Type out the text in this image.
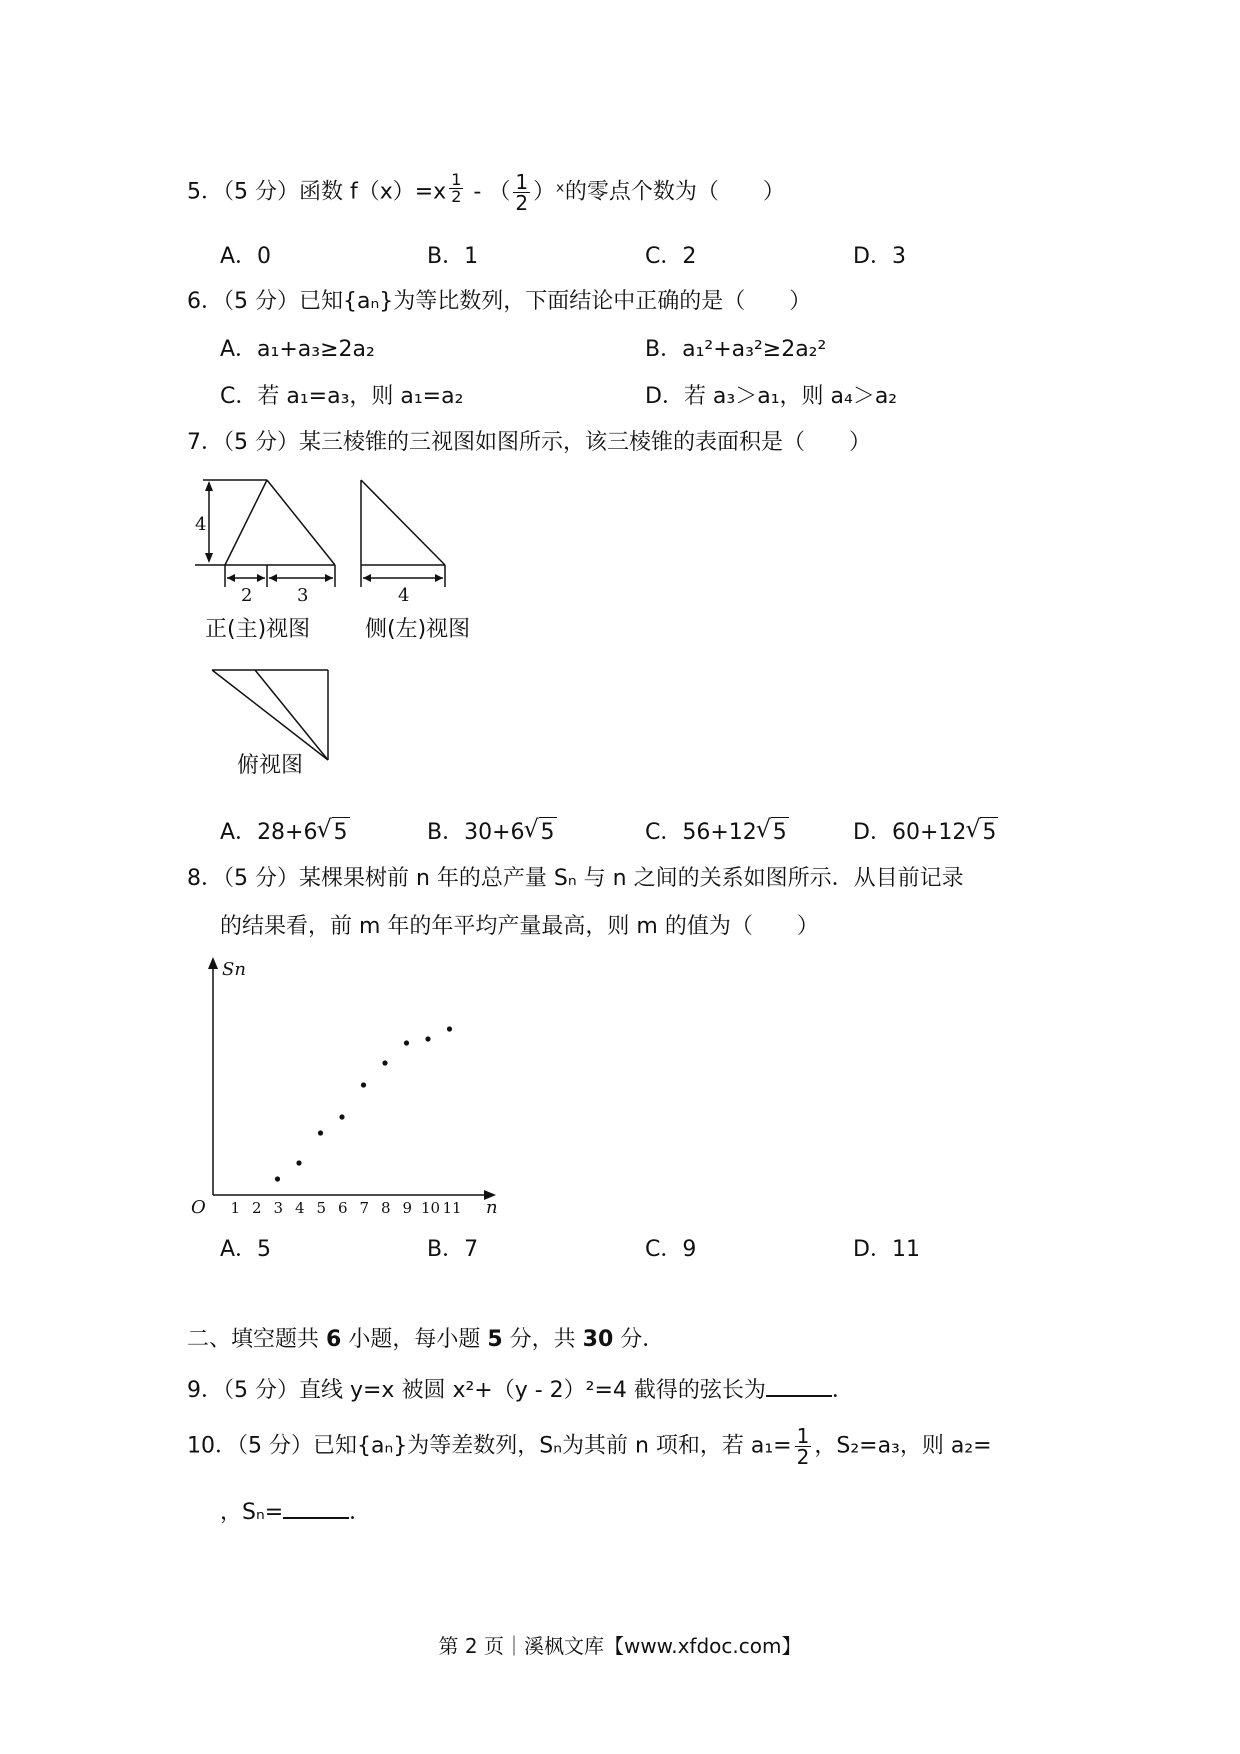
5．（5 分）函数 $f(x)=x \frac{1}{2}$ - （ $\frac{1}{2}$ ）ˣ的零点个数为（　　）
A．0	B．1	C．2	D．3
6．（5 分）已知{aₙ}为等比数列，下面结论中正确的是（　　）
A．a₁+a₃≥2a₂	B．a₁²+a₃²≥2a₂²
C．若 a₁=a₃，则 a₁=a₂	D．若 a₃＞a₁，则 a₄＞a₂
7．（5 分）某三棱锥的三视图如图所示，该三棱锥的表面积是（　　）
4
2 3	4
正(主)视图 侧(左)视图
俯视图
A．28+6 √ 5	B．30+6 √ 5	C．56+12 √ 5	D．60+12 √ 5
8．（5 分）某棵果树前 n 年的总产量 Sₙ 与 n 之间的关系如图所示．从目前记录
的结果看，前 m 年的年平均产量最高，则 m 的值为（　　）
Sn
n
O 1 2 3 4 5 6 7 8 9 10 11
A．5	B．7	C．9	D．11
二、填空题共 6 小题，每小题 5 分，共 30 分．
9．（5 分）直线 y=x 被圆 x²+（y - 2）²=4 截得的弦长为	．
10．（5 分）已知{aₙ}为等差数列，Sₙ为其前 n 项和，若 $a_1= \frac{1}{2}$ ，S₂=a₃，则 a₂=
，Sₙ=	．
第 2 页｜溪枫文库【www.xfdoc.com】
